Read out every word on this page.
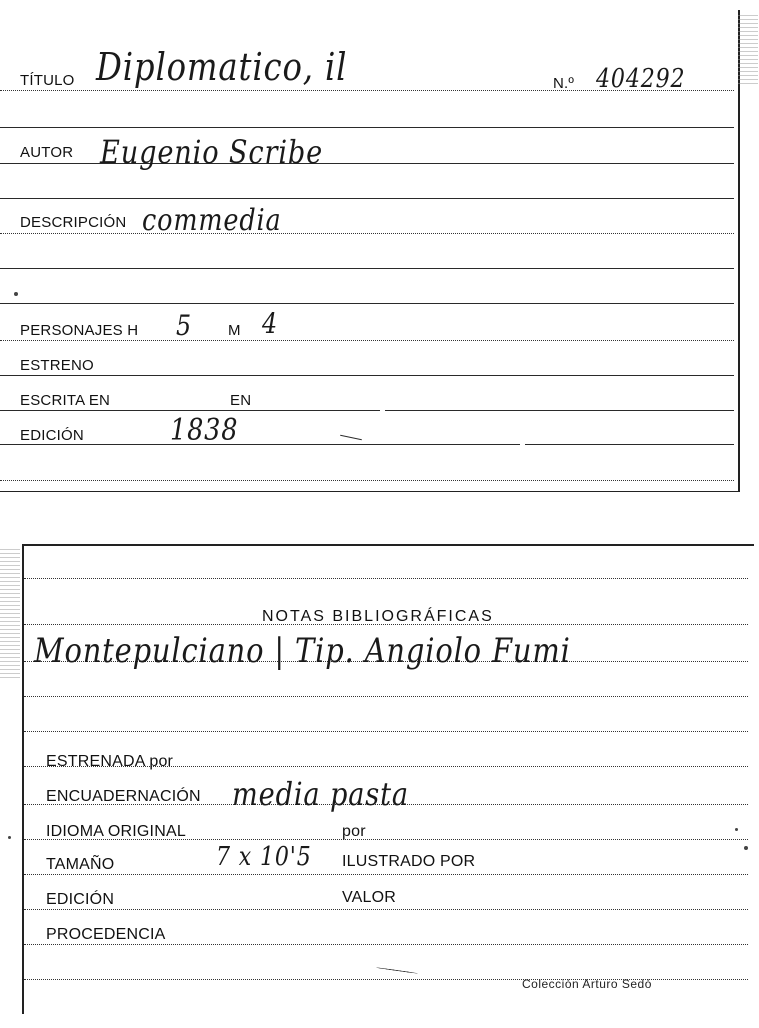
TÍTULO Diplomatico, il	N.º 404292
AUTOR Eugenio Scribe
DESCRIPCIÓN commedia
PERSONAJES H 5 M 4
ESTRENO
ESCRITA EN	EN
EDICIÓN	1838
NOTAS BIBLIOGRÁFICAS
Montepulciano | Tip. Angiolo Fumi
ESTRENADA por
ENCUADERNACIÓN media pasta
IDIOMA ORIGINAL	por
TAMAÑO	7 x 10'5 ILUSTRADO POR
EDICIÓN	VALOR
PROCEDENCIA
Colección Arturo Sedó
